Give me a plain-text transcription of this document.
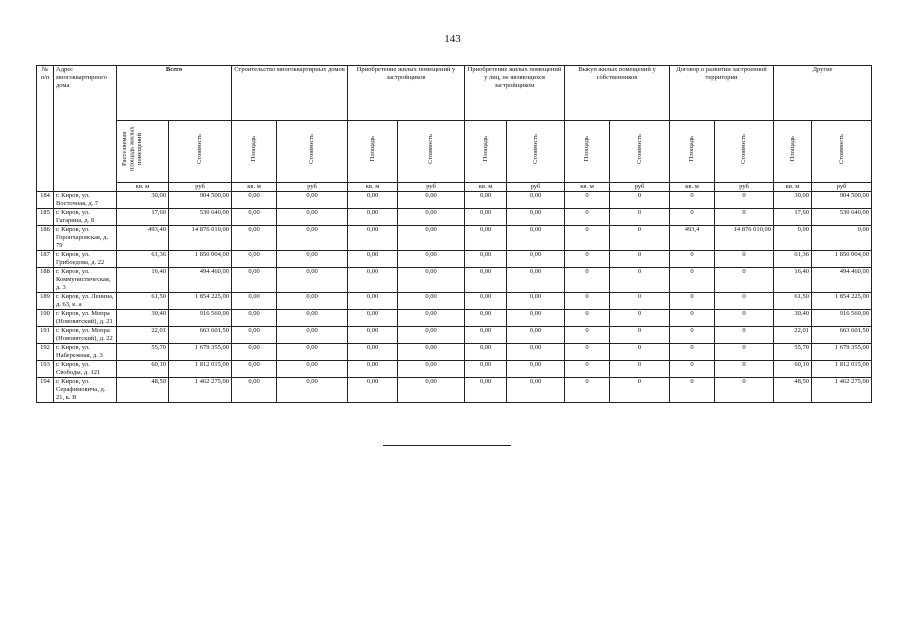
143
№ п/п	Адрес многоквартирного дома	Всего		Строительство многоквартирных домов		Приобретение жилых помещений у застройщиков		Приобретение жилых помещений у лиц, не являющихся застройщиком		Выкуп жилых помещений у собственников		Договор о развитии застроенной территории		Другие	
		Расселяемая площадь жилых помещений	Стоимость	Площадь	Стоимость	Площадь	Стоимость	Площадь	Стоимость	Площадь	Стоимость	Площадь	Стоимость	Площадь	Стоимость
		кв. м	руб	кв. м	руб	кв. м	руб	кв. м	руб	кв. м	руб	кв. м	руб	кв. м	руб
184	г. Киров, ул. Восточная, д. 7	30,00	904 500,00	0,00	0,00	0,00	0,00	0,00	0,00	0	0	0	0	30,00	904 500,00
185	г. Киров, ул. Гагарина, д. 8	17,60	530 640,00	0,00	0,00	0,00	0,00	0,00	0,00	0	0	0	0	17,60	530 640,00
186	г. Киров, ул. Горончаровская, д. 79	493,40	14 876 010,00	0,00	0,00	0,00	0,00	0,00	0,00	0	0	493,4	14 876 010,00	0,00	0,00
187	г. Киров, ул. Грибоедова, д. 22	61,36	1 850 004,00	0,00	0,00	0,00	0,00	0,00	0,00	0	0	0	0	61,36	1 850 004,00
188	г. Киров, ул. Коммунистическая, д. 3	16,40	494 460,00	0,00	0,00	0,00	0,00	0,00	0,00	0	0	0	0	16,40	494 460,00
189	г. Киров, ул. Ленина, д. 63, к. а	61,50	1 854 225,00	0,00	0,00	0,00	0,00	0,00	0,00	0	0	0	0	61,50	1 854 225,00
190	г. Киров, ул. Мопра (Нововятский), д. 21	30,40	916 560,00	0,00	0,00	0,00	0,00	0,00	0,00	0	0	0	0	30,40	916 560,00
191	г. Киров, ул. Мопра (Нововятский), д. 22	22,01	663 601,50	0,00	0,00	0,00	0,00	0,00	0,00	0	0	0	0	22,01	663 601,50
192	г. Киров, ул. Набережная, д. 3	55,70	1 679 355,00	0,00	0,00	0,00	0,00	0,00	0,00	0	0	0	0	55,70	1 679 355,00
193	г. Киров, ул. Свободы, д. 121	60,10	1 812 015,00	0,00	0,00	0,00	0,00	0,00	0,00	0	0	0	0	60,10	1 812 015,00
194	г. Киров, ул. Серафимовича, д. 21, к. В	48,50	1 462 275,00	0,00	0,00	0,00	0,00	0,00	0,00	0	0	0	0	48,50	1 462 275,00
